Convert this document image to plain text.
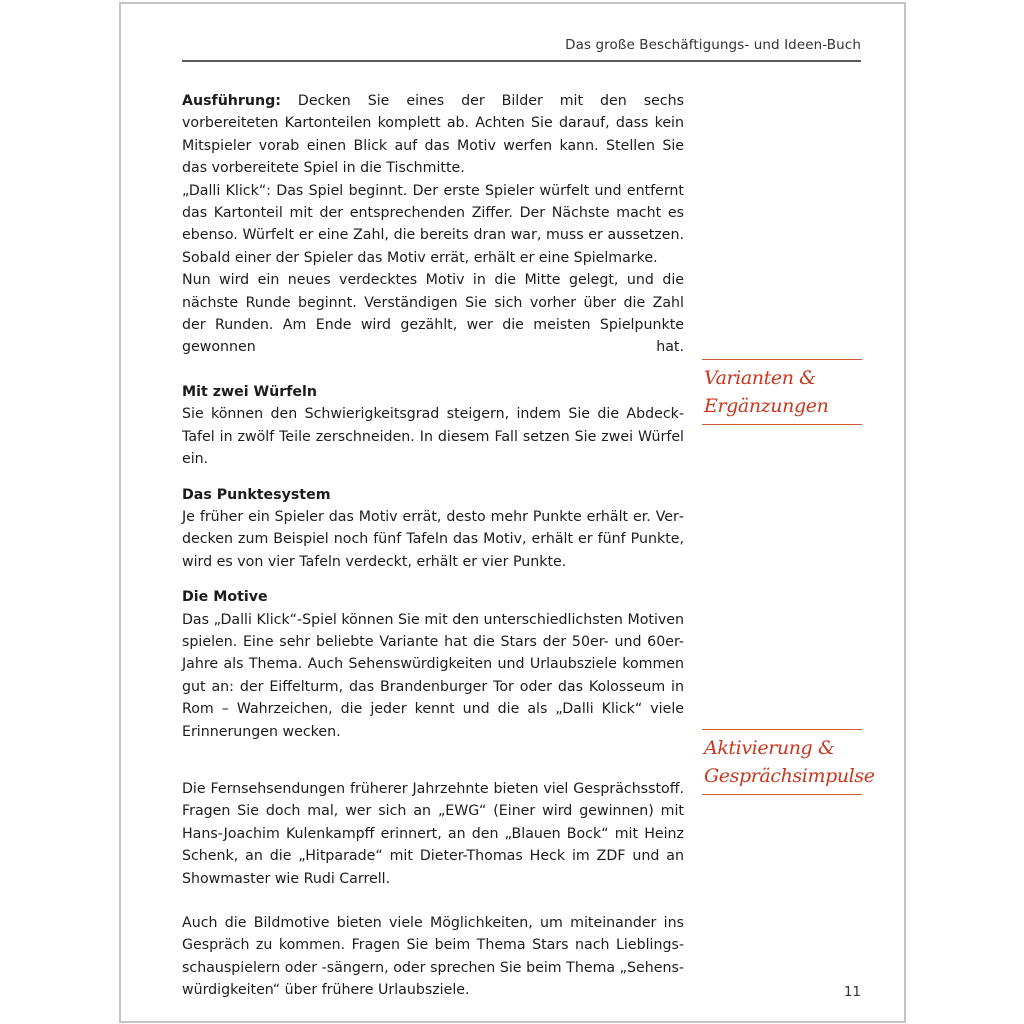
Das große Beschäftigungs- und Ideen-Buch

Ausführung: Decken Sie eines der Bilder mit den sechs vorbereiteten Kartonteilen komplett ab. Achten Sie darauf, dass kein Mitspieler vorab einen Blick auf das Motiv werfen kann. Stellen Sie das vorbereitete Spiel in die Tischmitte.

„Dalli Klick“: Das Spiel beginnt. Der erste Spieler würfelt und entfernt das Kartonteil mit der entsprechenden Ziffer. Der Nächste macht es ebenso. Würfelt er eine Zahl, die bereits dran war, muss er aussetzen. Sobald einer der Spieler das Motiv errät, erhält er eine Spielmarke.

Nun wird ein neues verdecktes Motiv in die Mitte gelegt, und die nächste Runde beginnt. Verständigen Sie sich vorher über die Zahl der Runden. Am Ende wird gezählt, wer die meisten Spielpunkte gewonnen hat.

Mit zwei Würfeln

Sie können den Schwierigkeitsgrad steigern, indem Sie die Abdeck-Tafel in zwölf Teile zerschneiden. In diesem Fall setzen Sie zwei Würfel ein.

Das Punktesystem

Je früher ein Spieler das Motiv errät, desto mehr Punkte erhält er. Verdecken zum Beispiel noch fünf Tafeln das Motiv, erhält er fünf Punkte, wird es von vier Tafeln verdeckt, erhält er vier Punkte.

Die Motive

Das „Dalli Klick“-Spiel können Sie mit den unterschiedlichsten Motiven spielen. Eine sehr beliebte Variante hat die Stars der 50er- und 60er-Jahre als Thema. Auch Sehenswürdigkeiten und Urlaubsziele kommen gut an: der Eiffelturm, das Brandenburger Tor oder das Kolosseum in Rom – Wahrzeichen, die jeder kennt und die als „Dalli Klick“ viele Erinnerungen wecken.

Die Fernsehsendungen früherer Jahrzehnte bieten viel Gesprächsstoff. Fragen Sie doch mal, wer sich an „EWG“ (Einer wird gewinnen) mit Hans-Joachim Kulenkampff erinnert, an den „Blauen Bock“ mit Heinz Schenk, an die „Hitparade“ mit Dieter-Thomas Heck im ZDF und an Showmaster wie Rudi Carrell.

Auch die Bildmotive bieten viele Möglichkeiten, um miteinander ins Gespräch zu kommen. Fragen Sie beim Thema Stars nach Lieblingsschauspielern oder -sängern, oder sprechen Sie beim Thema „Sehenswürdigkeiten“ über frühere Urlaubsziele.

Varianten &
Ergänzungen
Aktivierung &
Gesprächsimpulse
11
